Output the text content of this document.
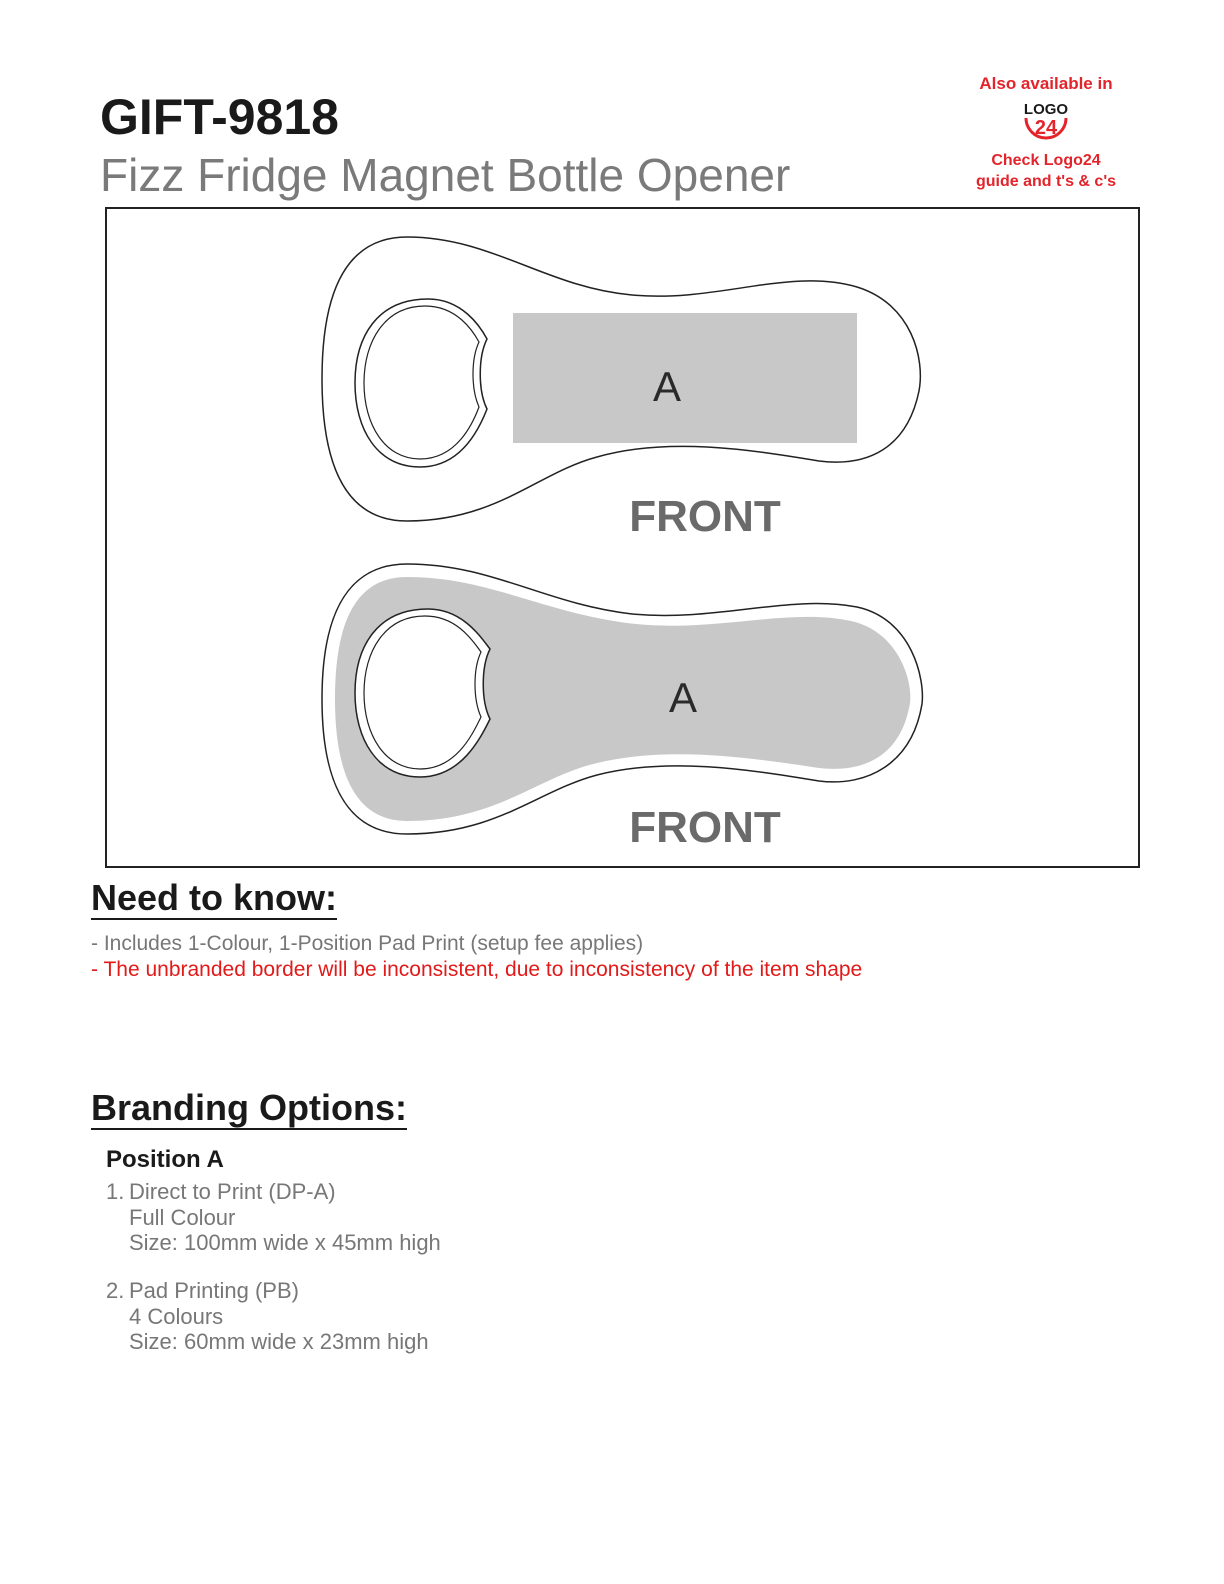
GIFT-9818
Fizz Fridge Magnet Bottle Opener
Also available in
LOGO
24
Check Logo24
guide and t's & c's
A
FRONT
A
FRONT
Need to know:
- Includes 1-Colour, 1-Position Pad Print (setup fee applies)
- The unbranded border will be inconsistent, due to inconsistency of the item shape
Branding Options:
Position A
1. Direct to Print (DP-A)
Full Colour
Size: 100mm wide x 45mm high
2. Pad Printing (PB)
4 Colours
Size: 60mm wide x 23mm high
